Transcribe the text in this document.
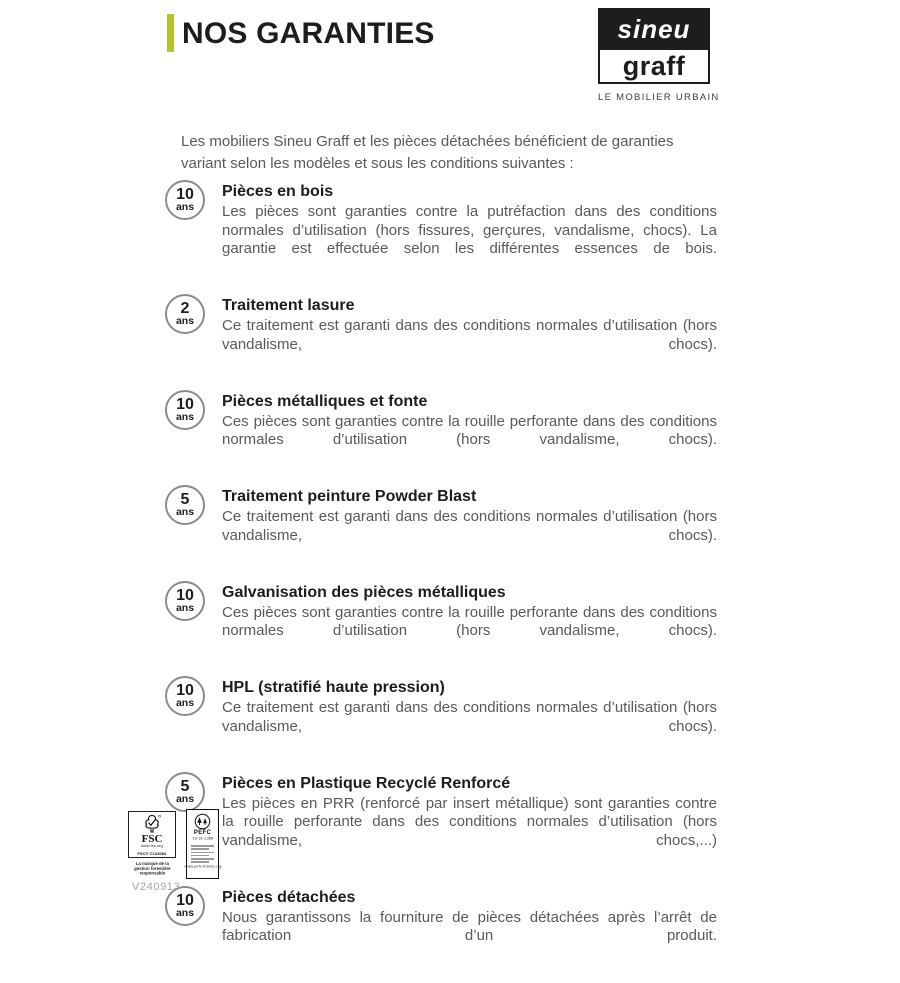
NOS GARANTIES	sineu
graff
LE MOBILIER URBAIN

Les mobiliers Sineu Graff et les pièces détachées bénéficient de garanties variant selon les modèles et sous les conditions suivantes :

10
ans
Pièces en bois

Les pièces sont garanties contre la putréfaction dans des conditions normales d’utilisation (hors fissures, gerçures, vandalisme, chocs). La garantie est effectuée selon les différentes essences de bois.

2
ans
Traitement lasure

Ce traitement est garanti dans des conditions normales d’utilisation (hors vandalisme, chocs).

10
ans
Pièces métalliques et fonte

Ces pièces sont garanties contre la rouille perforante dans des conditions normales d’utilisation (hors vandalisme, chocs).

5
ans
Traitement peinture Powder Blast

Ce traitement est garanti dans des conditions normales d’utilisation (hors vandalisme, chocs).

10
ans
Galvanisation des pièces métalliques

Ces pièces sont garanties contre la rouille perforante dans des conditions normales d’utilisation (hors vandalisme, chocs).

10
ans
HPL (stratifié haute pression)

Ce traitement est garanti dans des conditions normales d’utilisation (hors vandalisme, chocs).

5
ans
Pièces en Plastique Recyclé Renforcé

Les pièces en PRR (renforcé par insert métallique) sont garanties contre la rouille perforante dans des conditions normales d’utilisation (hors vandalisme, chocs,...)

10
ans
Pièces détachées

Nous garantissons la fourniture de pièces détachées après l’arrêt de fabrication d’un produit.

FSC
www.fsc.org
FSC® C122084
La marque de la
gestion forestière
responsable
PEFC
10-31-1368
www.pefc-france.org
V240913
